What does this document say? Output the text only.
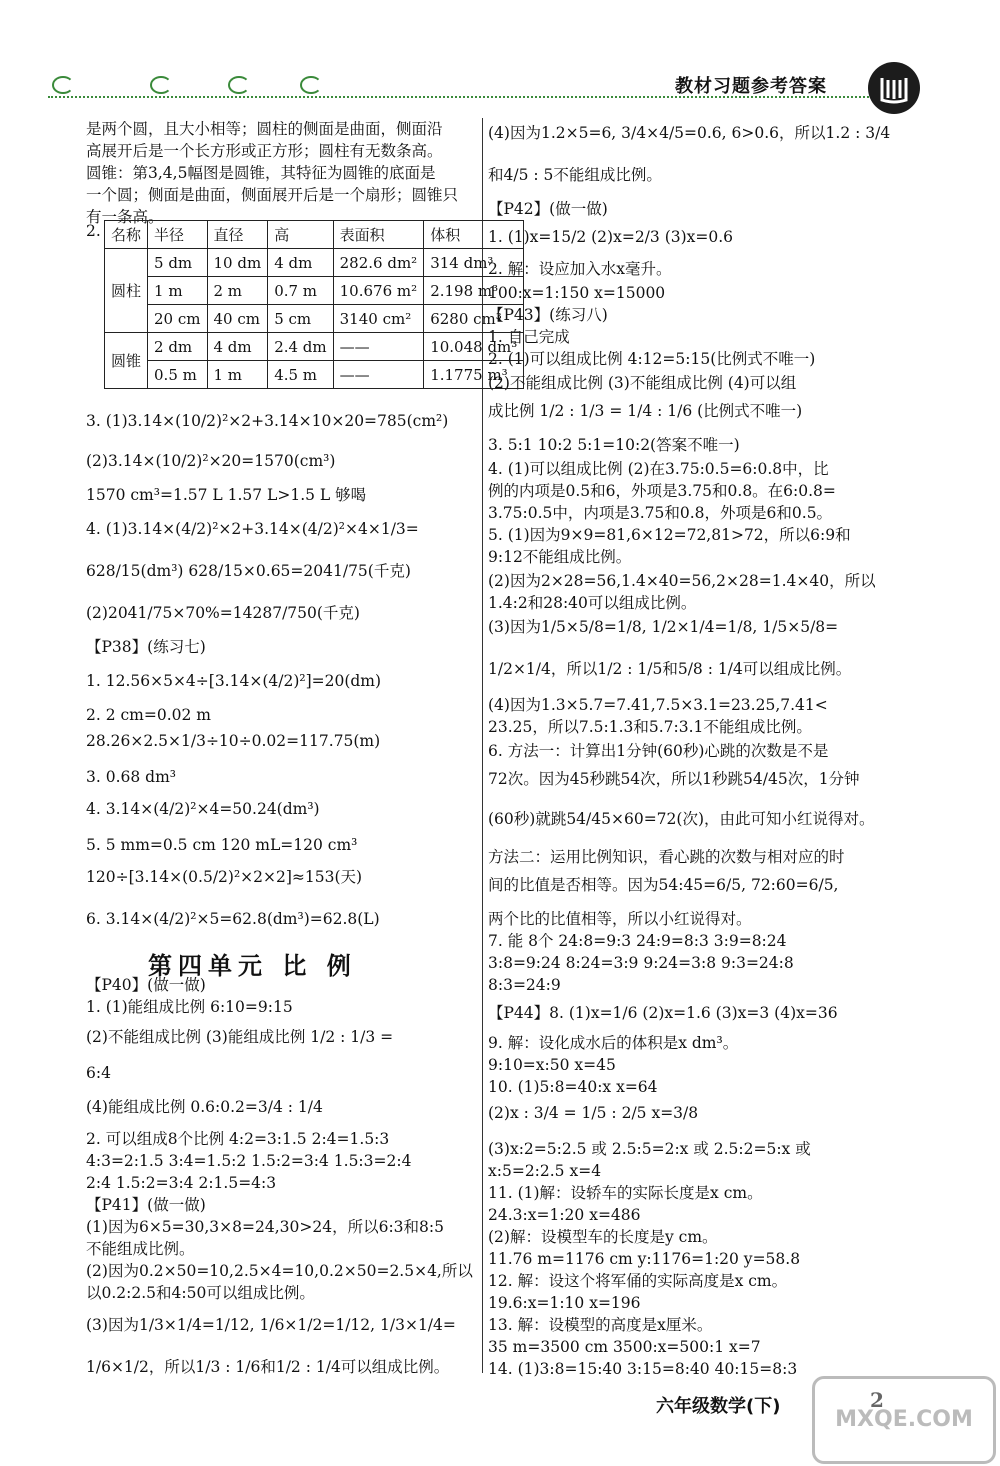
教材习题参考答案
是两个圆，且大小相等；圆柱的侧面是曲面，侧面沿
高展开后是一个长方形或正方形；圆柱有无数条高。
圆锥：第3,4,5幅图是圆锥，其特征为圆锥的底面是
一个圆；侧面是曲面，侧面展开后是一个扇形；圆锥只
有一条高。
2.
3. (1)3.14×(10/2)²×2+3.14×10×20=785(cm²)
(2)3.14×(10/2)²×20=1570(cm³)
1570 cm³=1.57 L 1.57 L>1.5 L 够喝
4. (1)3.14×(4/2)²×2+3.14×(4/2)²×4×1/3=
628/15(dm³) 628/15×0.65=2041/75(千克)
(2)2041/75×70%=14287/750(千克)
【P38】(练习七)
1. 12.56×5×4÷[3.14×(4/2)²]=20(dm)
2. 2 cm=0.02 m
28.26×2.5×1/3÷10÷0.02=117.75(m)
3. 0.68 dm³
4. 3.14×(4/2)²×4=50.24(dm³)
5. 5 mm=0.5 cm 120 mL=120 cm³
120÷[3.14×(0.5/2)²×2×2]≈153(天)
6. 3.14×(4/2)²×5=62.8(dm³)=62.8(L)
【P40】(做一做)
1. (1)能组成比例 6:10=9:15
(2)不能组成比例 (3)能组成比例 1/2 : 1/3 =
6:4
(4)能组成比例 0.6:0.2=3/4 : 1/4
2. 可以组成8个比例 4:2=3:1.5 2:4=1.5:3
4:3=2:1.5 3:4=1.5:2 1.5:2=3:4 1.5:3=2:4
2:4 1.5:2=3:4 2:1.5=4:3
【P41】(做一做)
(1)因为6×5=30,3×8=24,30>24，所以6:3和8:5
不能组成比例。
(2)因为0.2×50=10,2.5×4=10,0.2×50=2.5×4,所以
以0.2:2.5和4:50可以组成比例。
(3)因为1/3×1/4=1/12, 1/6×1/2=1/12, 1/3×1/4=
1/6×1/2，所以1/3 : 1/6和1/2 : 1/4可以组成比例。
(4)因为1.2×5=6, 3/4×4/5=0.6, 6>0.6，所以1.2 : 3/4
和4/5 : 5不能组成比例。
【P42】(做一做)
1. (1)x=15/2 (2)x=2/3 (3)x=0.6
2. 解：设应加入水x毫升。
100:x=1:150 x=15000
【P43】(练习八)
1. 自己完成
2. (1)可以组成比例 4:12=5:15(比例式不唯一)
(2)不能组成比例 (3)不能组成比例 (4)可以组
成比例 1/2 : 1/3 = 1/4 : 1/6 (比例式不唯一)
3. 5:1 10:2 5:1=10:2(答案不唯一)
4. (1)可以组成比例 (2)在3.75:0.5=6:0.8中，比
例的内项是0.5和6，外项是3.75和0.8。在6:0.8=
3.75:0.5中，内项是3.75和0.8，外项是6和0.5。
5. (1)因为9×9=81,6×12=72,81>72，所以6:9和
9:12不能组成比例。
(2)因为2×28=56,1.4×40=56,2×28=1.4×40，所以
1.4:2和28:40可以组成比例。
(3)因为1/5×5/8=1/8, 1/2×1/4=1/8, 1/5×5/8=
1/2×1/4，所以1/2 : 1/5和5/8 : 1/4可以组成比例。
(4)因为1.3×5.7=7.41,7.5×3.1=23.25,7.41<
23.25，所以7.5:1.3和5.7:3.1不能组成比例。
6. 方法一：计算出1分钟(60秒)心跳的次数是不是
72次。因为45秒跳54次，所以1秒跳54/45次，1分钟
(60秒)就跳54/45×60=72(次)，由此可知小红说得对。
方法二：运用比例知识，看心跳的次数与相对应的时
间的比值是否相等。因为54:45=6/5, 72:60=6/5,
两个比的比值相等，所以小红说得对。
7. 能 8个 24:8=9:3 24:9=8:3 3:9=8:24
3:8=9:24 8:24=3:9 9:24=3:8 9:3=24:8
8:3=24:9
【P44】8. (1)x=1/6 (2)x=1.6 (3)x=3 (4)x=36
9. 解：设化成水后的体积是x dm³。
9:10=x:50 x=45
10. (1)5:8=40:x x=64
(2)x : 3/4 = 1/5 : 2/5 x=3/8
(3)x:2=5:2.5 或 2.5:5=2:x 或 2.5:2=5:x 或
x:5=2:2.5 x=4
11. (1)解：设轿车的实际长度是x cm。
24.3:x=1:20 x=486
(2)解：设模型车的长度是y cm。
11.76 m=1176 cm y:1176=1:20 y=58.8
12. 解：设这个将军俑的实际高度是x cm。
19.6:x=1:10 x=196
13. 解：设模型的高度是x厘米。
35 m=3500 cm 3500:x=500:1 x=7
14. (1)3:8=15:40 3:15=8:40 40:15=8:3
名称	半径	直径	高	表面积	体积
圆柱	5 dm	10 dm	4 dm	282.6 dm²	314 dm³
	1 m	2 m	0.7 m	10.676 m²	2.198 m³
	20 cm	40 cm	5 cm	3140 cm²	6280 cm³
圆锥	2 dm	4 dm	2.4 dm	——	10.048 dm³
	0.5 m	1 m	4.5 m	——	1.1775 m³
第四单元 比 例
六年级数学(下)	2
MXQE.COM
